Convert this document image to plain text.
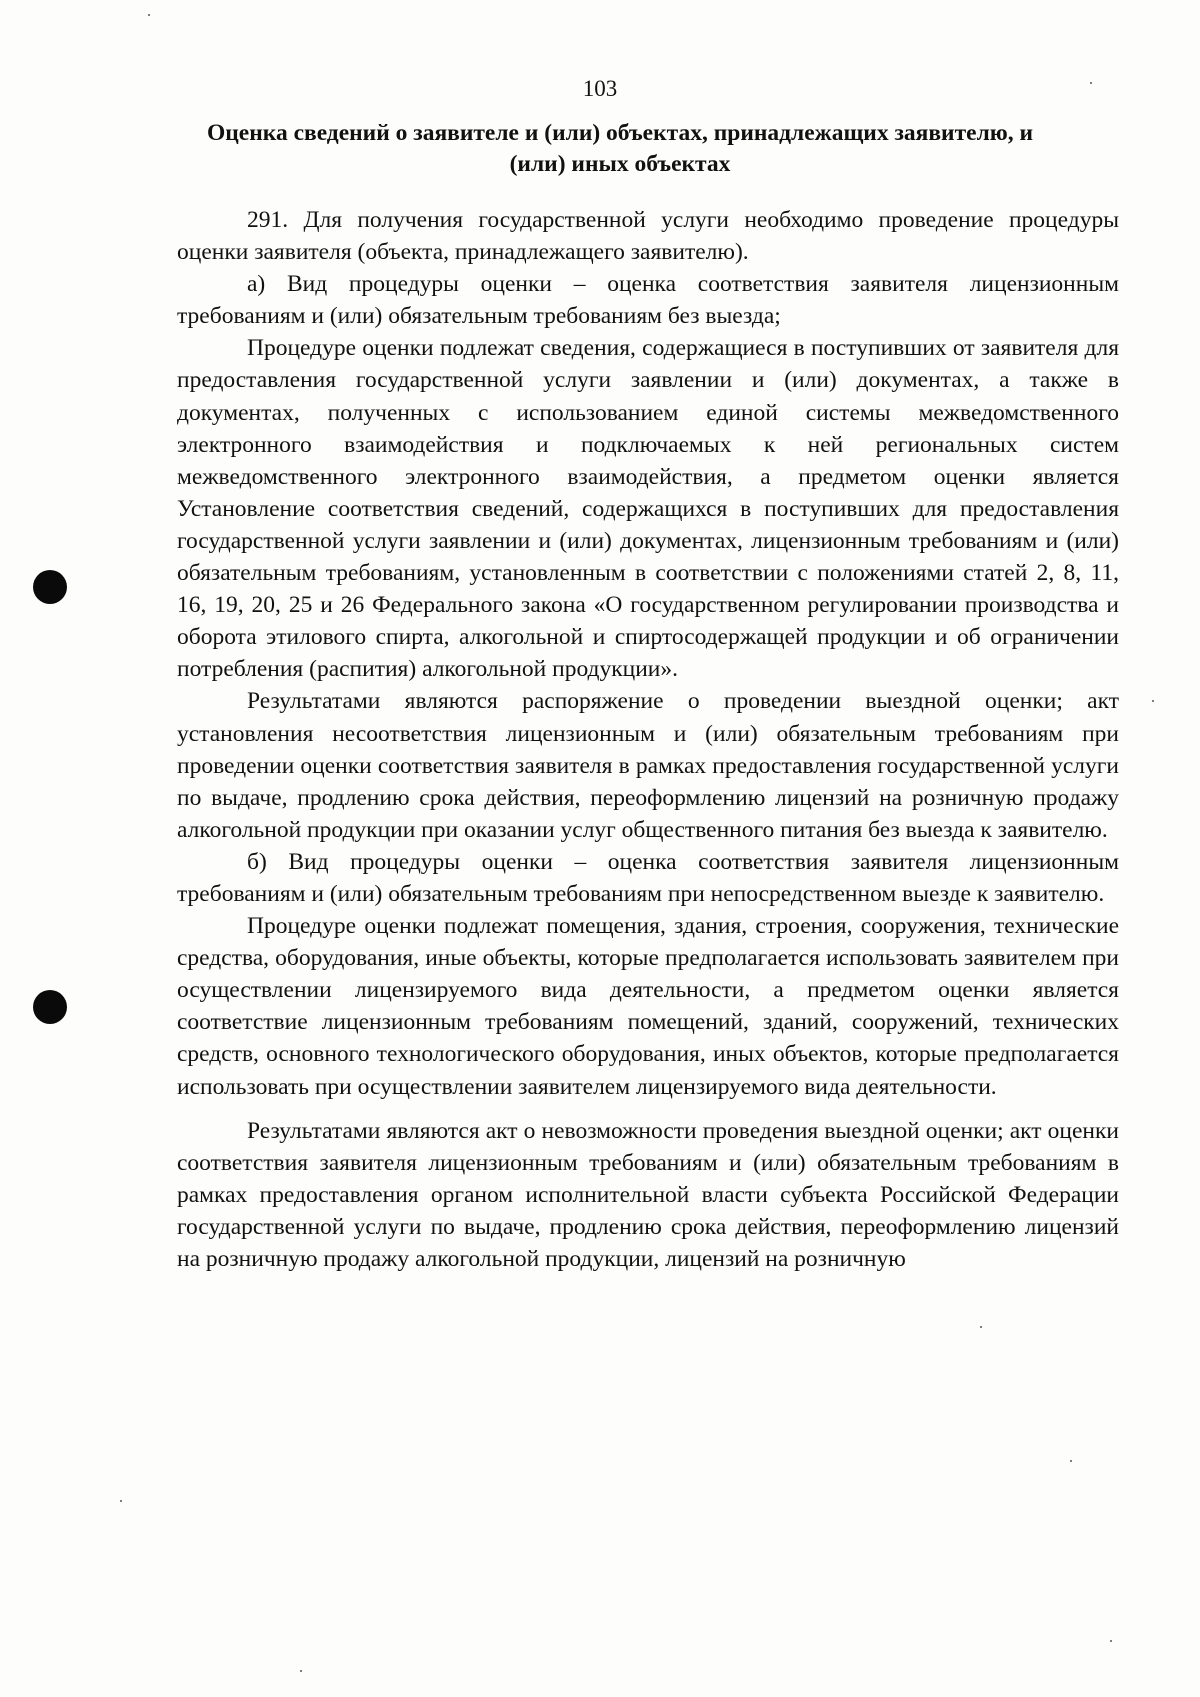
103
Оценка сведений о заявителе и (или) объектах, принадлежащих заявителю, и (или) иных объектах

291. Для получения государственной услуги необходимо проведение процедуры оценки заявителя (объекта, принадлежащего заявителю).

а) Вид процедуры оценки – оценка соответствия заявителя лицензионным требованиям и (или) обязательным требованиям без выезда;

Процедуре оценки подлежат сведения, содержащиеся в поступивших от заявителя для предоставления государственной услуги заявлении и (или) документах, а также в документах, полученных с использованием единой системы межведомственного электронного взаимодействия и подключаемых к ней региональных систем межведомственного электронного взаимодействия, а предметом оценки является Установление соответствия сведений, содержащихся в поступивших для предоставления государственной услуги заявлении и (или) документах, лицензионным требованиям и (или) обязательным требованиям, установленным в соответствии с положениями статей 2, 8, 11, 16, 19, 20, 25 и 26 Федерального закона «О государственном регулировании производства и оборота этилового спирта, алкогольной и спиртосодержащей продукции и об ограничении потребления (распития) алкогольной продукции».

Результатами являются распоряжение о проведении выездной оценки; акт установления несоответствия лицензионным и (или) обязательным требованиям при проведении оценки соответствия заявителя в рамках предоставления государственной услуги по выдаче, продлению срока действия, переоформлению лицензий на розничную продажу алкогольной продукции при оказании услуг общественного питания без выезда к заявителю.

б) Вид процедуры оценки – оценка соответствия заявителя лицензионным требованиям и (или) обязательным требованиям при непосредственном выезде к заявителю.

Процедуре оценки подлежат помещения, здания, строения, сооружения, технические средства, оборудования, иные объекты, которые предполагается использовать заявителем при осуществлении лицензируемого вида деятельности, а предметом оценки является соответствие лицензионным требованиям помещений, зданий, сооружений, технических средств, основного технологического оборудования, иных объектов, которые предполагается использовать при осуществлении заявителем лицензируемого вида деятельности.

Результатами являются акт о невозможности проведения выездной оценки; акт оценки соответствия заявителя лицензионным требованиям и (или) обязательным требованиям в рамках предоставления органом исполнительной власти субъекта Российской Федерации государственной услуги по выдаче, продлению срока действия, переоформлению лицензий на розничную продажу алкогольной продукции, лицензий на розничную
